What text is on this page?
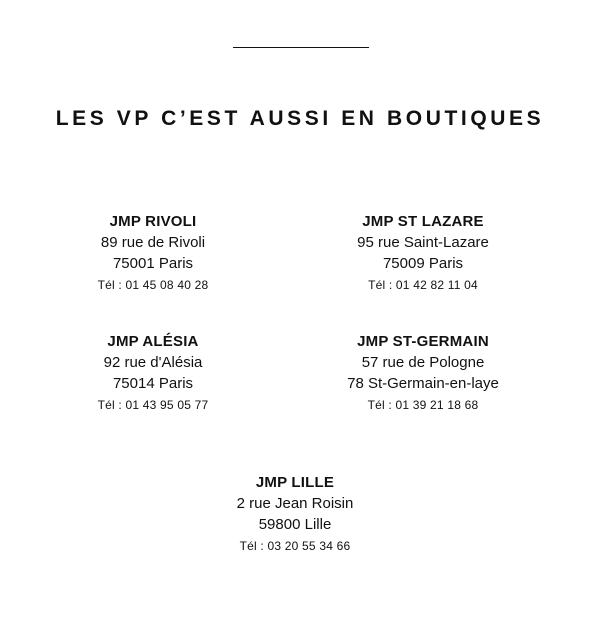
LES VP C’EST AUSSI EN BOUTIQUES
JMP RIVOLI
89 rue de Rivoli
75001 Paris
Tél : 01 45 08 40 28
JMP ST LAZARE
95 rue Saint-Lazare
75009 Paris
Tél : 01 42 82 11 04
JMP ALÉSIA
92 rue d'Alésia
75014 Paris
Tél : 01 43 95 05 77
JMP ST-GERMAIN
57 rue de Pologne
78 St-Germain-en-laye
Tél : 01 39 21 18 68
JMP LILLE
2 rue Jean Roisin
59800 Lille
Tél : 03 20 55 34 66
